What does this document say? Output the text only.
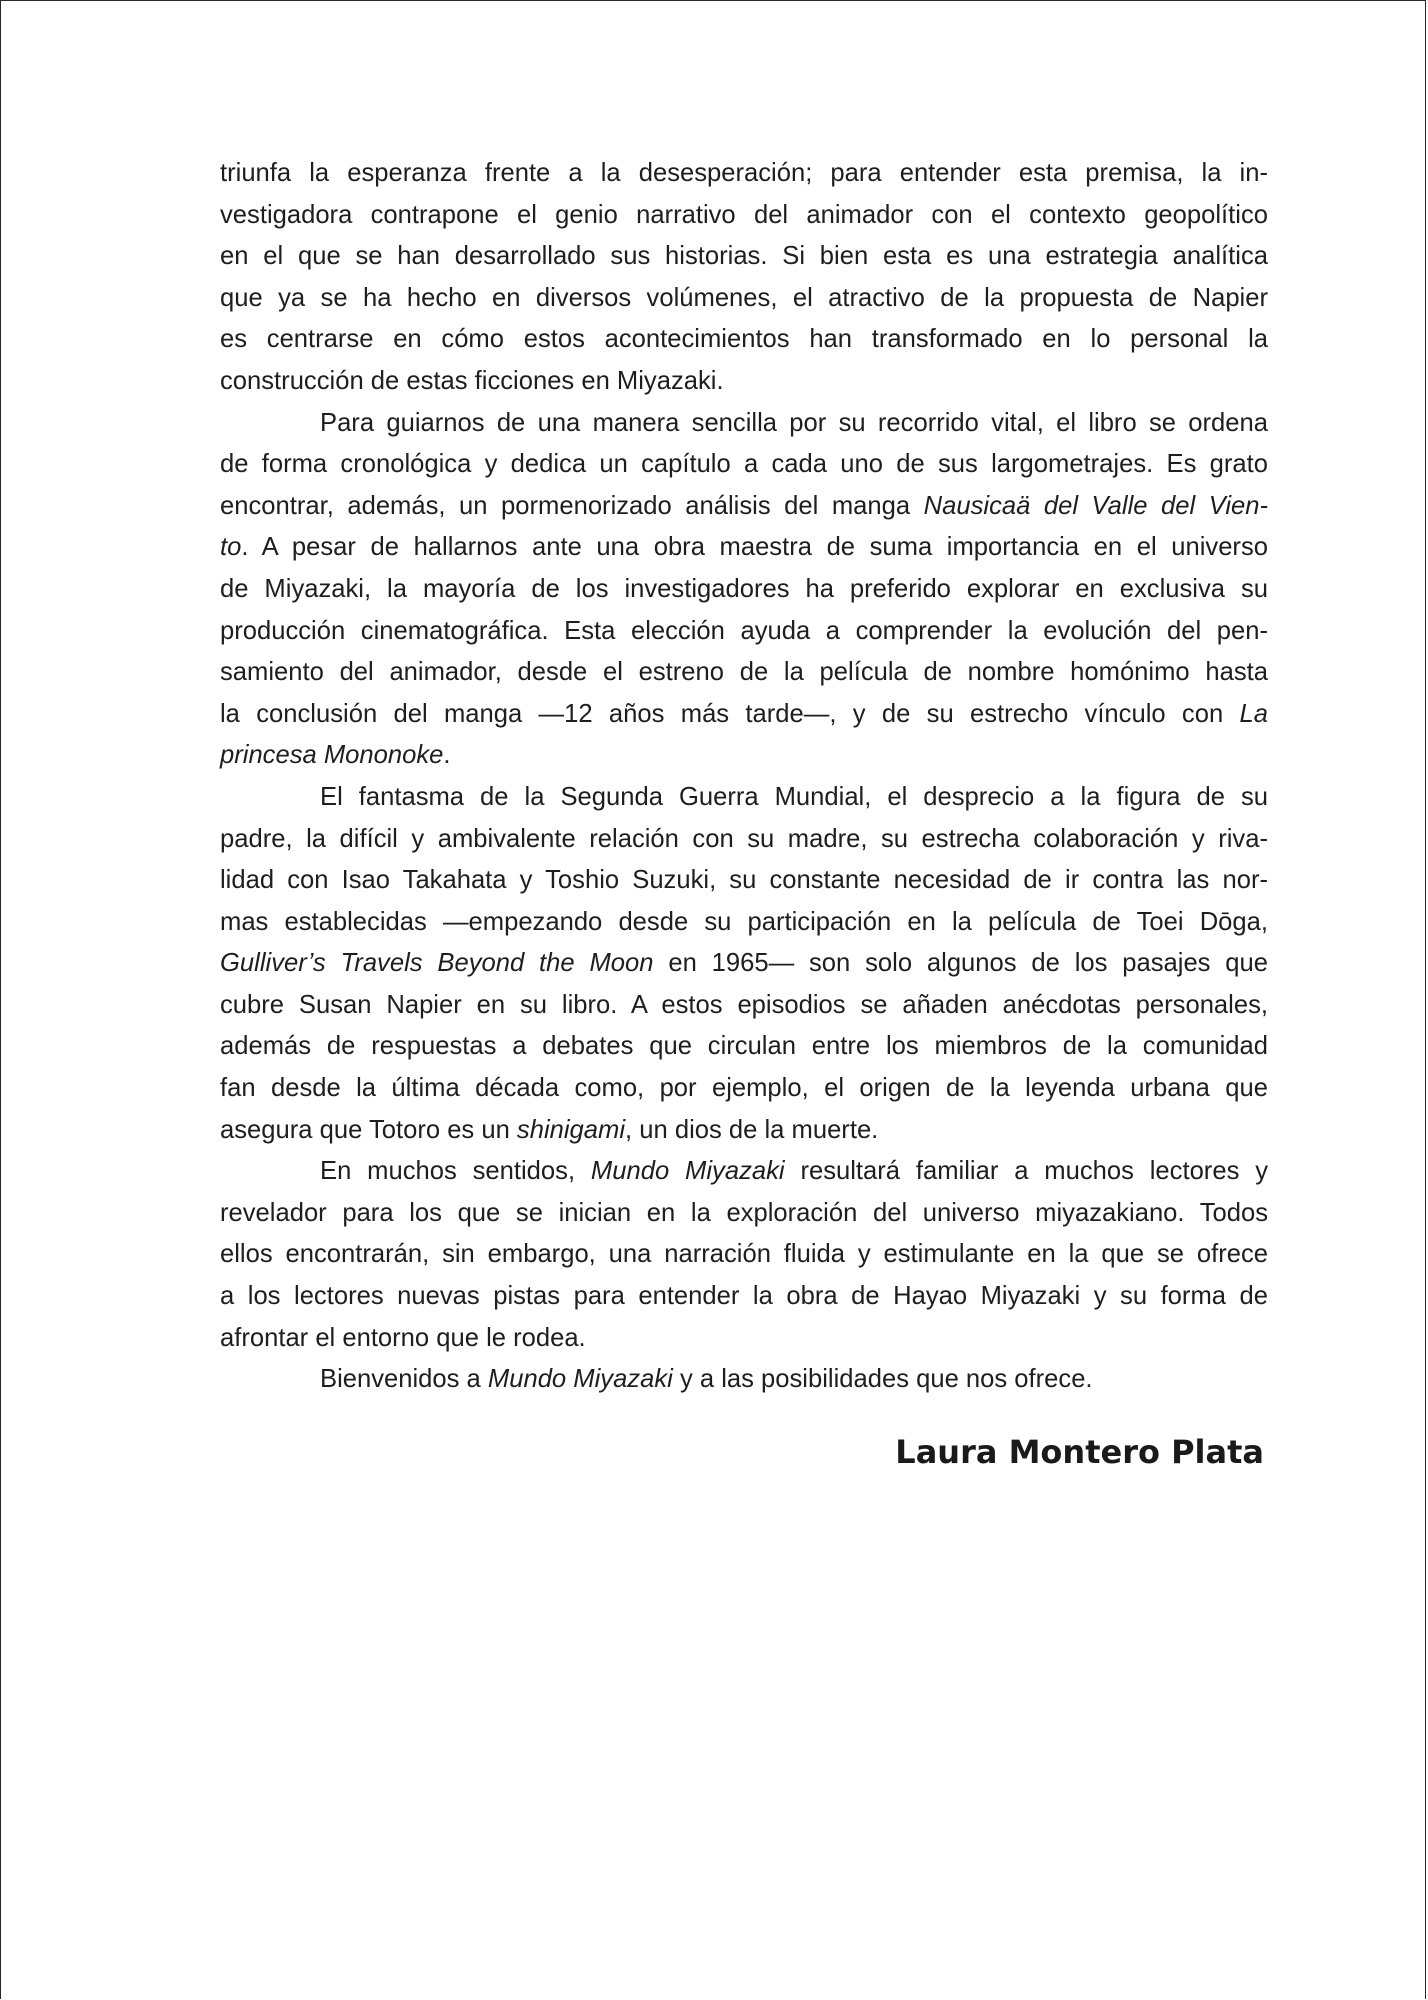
triunfa la esperanza frente a la desesperación; para entender esta premisa, la in-
vestigadora contrapone el genio narrativo del animador con el contexto geopolítico
en el que se han desarrollado sus historias. Si bien esta es una estrategia analítica
que ya se ha hecho en diversos volúmenes, el atractivo de la propuesta de Napier
es centrarse en cómo estos acontecimientos han transformado en lo personal la
construcción de estas ficciones en Miyazaki.
Para guiarnos de una manera sencilla por su recorrido vital, el libro se ordena
de forma cronológica y dedica un capítulo a cada uno de sus largometrajes. Es grato
encontrar, además, un pormenorizado análisis del manga Nausicaä del Valle del Vien-
to. A pesar de hallarnos ante una obra maestra de suma importancia en el universo
de Miyazaki, la mayoría de los investigadores ha preferido explorar en exclusiva su
producción cinematográfica. Esta elección ayuda a comprender la evolución del pen-
samiento del animador, desde el estreno de la película de nombre homónimo hasta
la conclusión del manga —12 años más tarde—, y de su estrecho vínculo con La
princesa Mononoke.
El fantasma de la Segunda Guerra Mundial, el desprecio a la figura de su
padre, la difícil y ambivalente relación con su madre, su estrecha colaboración y riva-
lidad con Isao Takahata y Toshio Suzuki, su constante necesidad de ir contra las nor-
mas establecidas —empezando desde su participación en la película de Toei Dōga,
Gulliver’s Travels Beyond the Moon en 1965— son solo algunos de los pasajes que
cubre Susan Napier en su libro. A estos episodios se añaden anécdotas personales,
además de respuestas a debates que circulan entre los miembros de la comunidad
fan desde la última década como, por ejemplo, el origen de la leyenda urbana que
asegura que Totoro es un shinigami, un dios de la muerte.
En muchos sentidos, Mundo Miyazaki resultará familiar a muchos lectores y
revelador para los que se inician en la exploración del universo miyazakiano. Todos
ellos encontrarán, sin embargo, una narración fluida y estimulante en la que se ofrece
a los lectores nuevas pistas para entender la obra de Hayao Miyazaki y su forma de
afrontar el entorno que le rodea.
Bienvenidos a Mundo Miyazaki y a las posibilidades que nos ofrece.
Laura Montero Plata
